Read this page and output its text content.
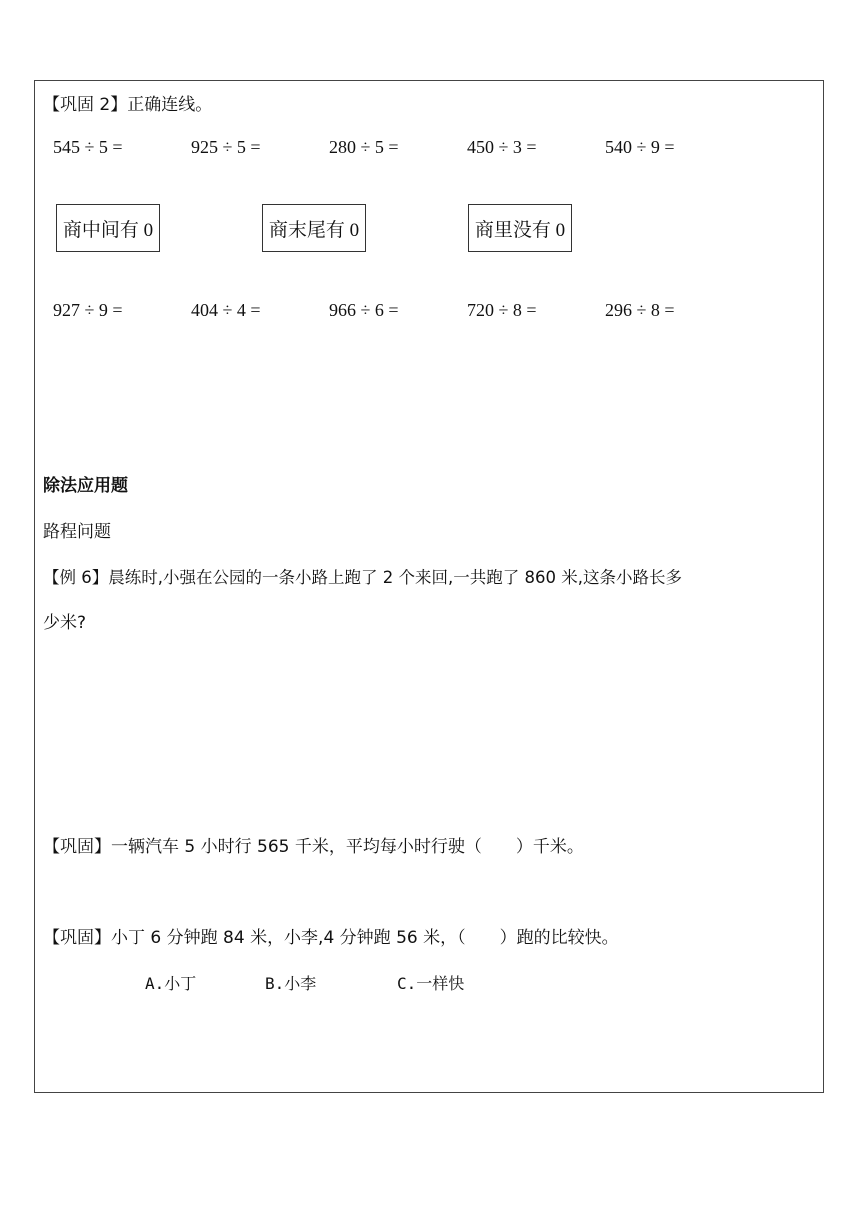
【巩固 2】正确连线。
545 ÷ 5 =	925 ÷ 5 =	280 ÷ 5 =	450 ÷ 3 =	540 ÷ 9 =
商中间有 0	商末尾有 0	商里没有 0
927 ÷ 9 =	404 ÷ 4 =	966 ÷ 6 =	720 ÷ 8 =	296 ÷ 8 =
除法应用题
路程问题
【例 6】晨练时,小强在公园的一条小路上跑了 2 个来回,一共跑了 860 米,这条小路长多
少米?
【巩固】一辆汽车 5 小时行 565 千米，平均每小时行驶（　　）千米。
【巩固】小丁 6 分钟跑 84 米，小李,4 分钟跑 56 米，（　　）跑的比较快。
A.小丁	B.小李	C.一样快
